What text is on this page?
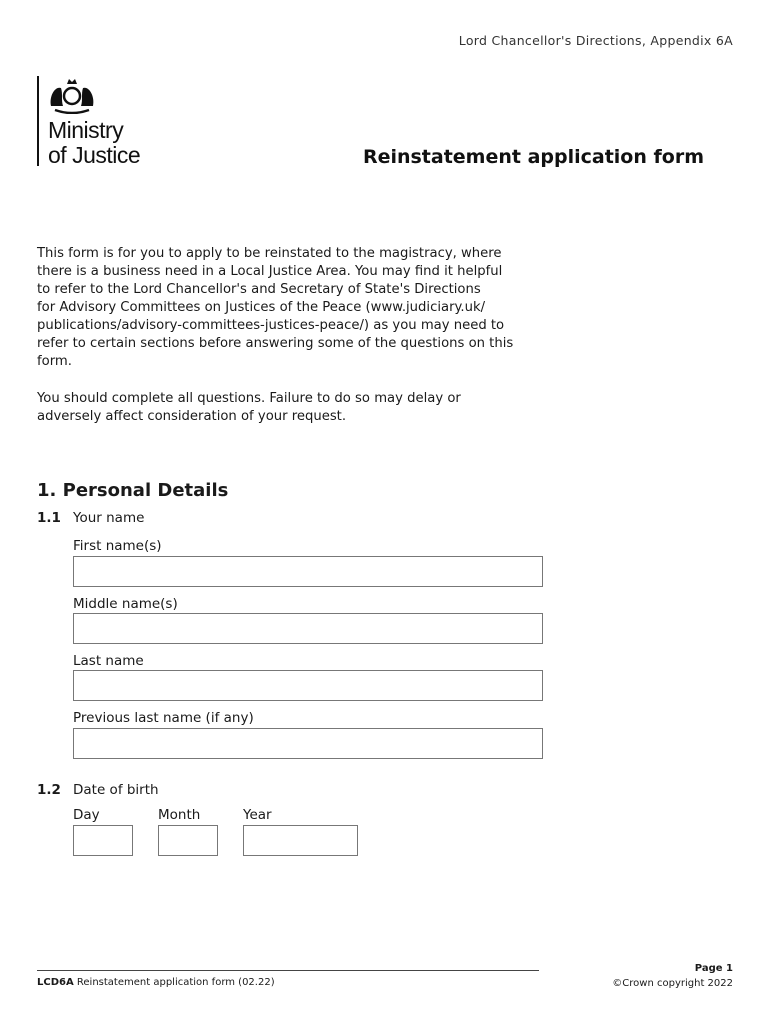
Lord Chancellor's Directions, Appendix 6A
Ministry
of Justice	Reinstatement application form
This form is for you to apply to be reinstated to the magistracy, where
there is a business need in a Local Justice Area. You may find it helpful
to refer to the Lord Chancellor's and Secretary of State's Directions
for Advisory Committees on Justices of the Peace (www.judiciary.uk/
publications/advisory-committees-justices-peace/) as you may need to
refer to certain sections before answering some of the questions on this
form.
You should complete all questions. Failure to do so may delay or
adversely affect consideration of your request.
1. Personal Details
1.1 Your name
First name(s)
Middle name(s)
Last name
Previous last name (if any)
1.2 Date of birth
Day	Month	Year
LCD6A Reinstatement application form (02.22)
Page 1
©Crown copyright 2022
